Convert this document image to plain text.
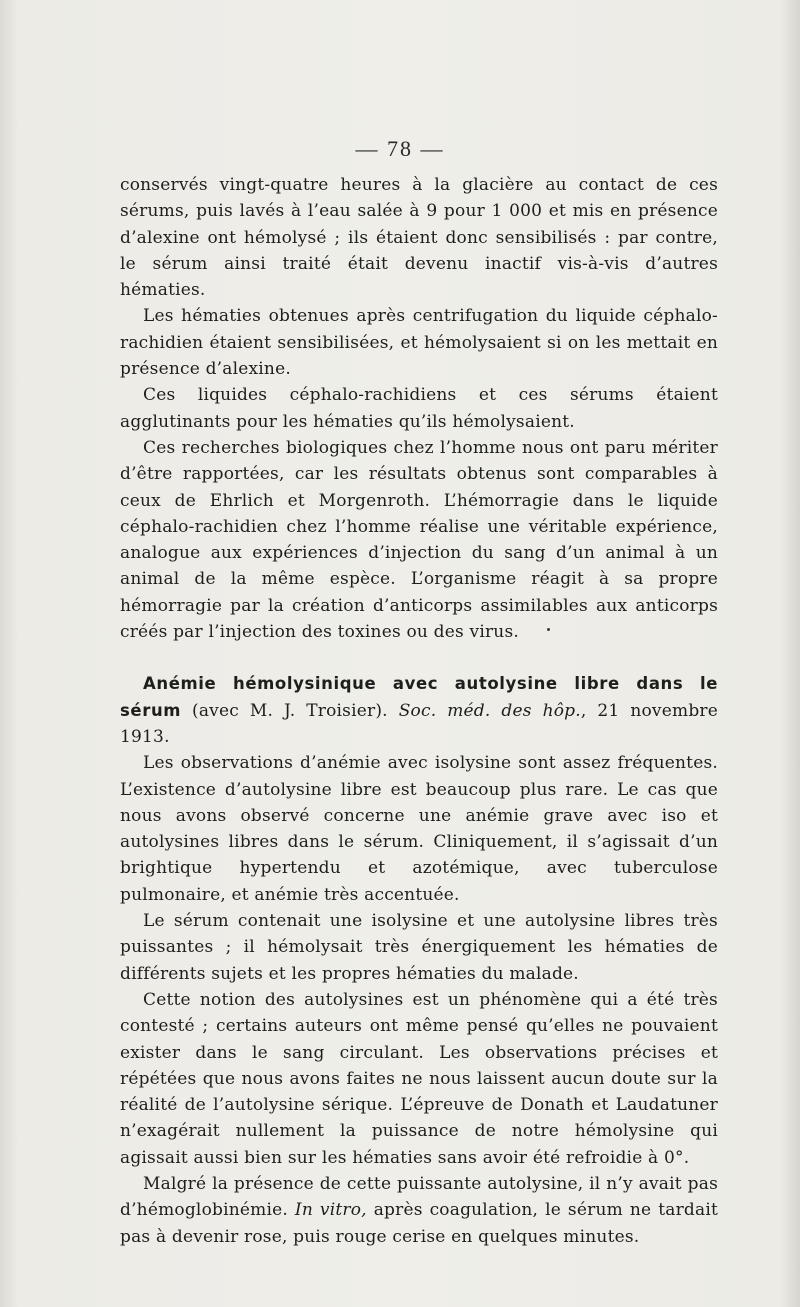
— 78 —

conservés vingt-quatre heures à la glacière au contact de ces sérums, puis lavés à l’eau salée à 9 pour 1 000 et mis en présence d’alexine ont hémolysé ; ils étaient donc sensibilisés : par contre, le sérum ainsi traité était devenu inactif vis-à-vis d’autres hématies.

Les hématies obtenues après centrifugation du liquide céphalo-rachidien étaient sensibilisées, et hémolysaient si on les mettait en présence d’alexine.

Ces liquides céphalo-rachidiens et ces sérums étaient agglutinants pour les hématies qu’ils hémolysaient.

Ces recherches biologiques chez l’homme nous ont paru mériter d’être rapportées, car les résultats obtenus sont comparables à ceux de Ehrlich et Morgenroth. L’hémorragie dans le liquide céphalo-rachidien chez l’homme réalise une véritable expérience, analogue aux expériences d’injection du sang d’un animal à un animal de la même espèce. L’organisme réagit à sa propre hémorragie par la création d’anticorps assimilables aux anticorps créés par l’injection des toxines ou des virus.

Anémie hémolysinique avec autolysine libre dans le sérum (avec M. J. Troisier). Soc. méd. des hôp., 21 novembre 1913.

Les observations d’anémie avec isolysine sont assez fréquentes. L’existence d’autolysine libre est beaucoup plus rare. Le cas que nous avons observé concerne une anémie grave avec iso et autolysines libres dans le sérum. Cliniquement, il s’agissait d’un brightique hypertendu et azotémique, avec tuberculose pulmonaire, et anémie très accentuée.

Le sérum contenait une isolysine et une autolysine libres très puissantes ; il hémolysait très énergiquement les hématies de différents sujets et les propres hématies du malade.

Cette notion des autolysines est un phénomène qui a été très contesté ; certains auteurs ont même pensé qu’elles ne pouvaient exister dans le sang circulant. Les observations précises et répétées que nous avons faites ne nous laissent aucun doute sur la réalité de l’autolysine sérique. L’épreuve de Donath et Laudatuner n’exagérait nullement la puissance de notre hémolysine qui agissait aussi bien sur les hématies sans avoir été refroidie à 0°.

Malgré la présence de cette puissante autolysine, il n’y avait pas d’hémoglobinémie. In vitro, après coagulation, le sérum ne tardait pas à devenir rose, puis rouge cerise en quelques minutes.
